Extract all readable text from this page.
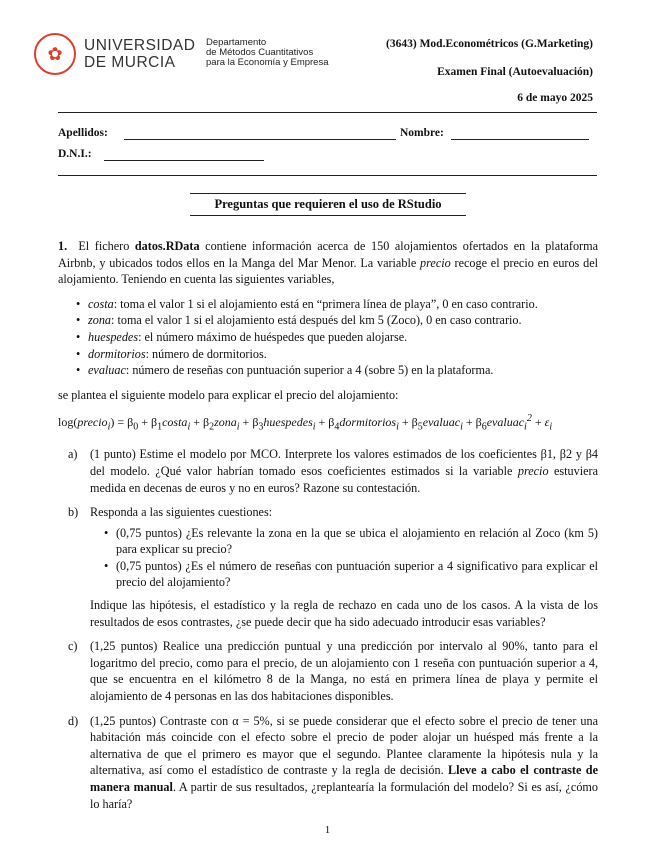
✿	UNIVERSIDAD
DE MURCIA
Departamento
de Métodos Cuantitativos
para la Economía y Empresa
(3643) Mod.Econométricos (G.Marketing)
Examen Final (Autoevaluación)
6 de mayo 2025
Apellidos:	Nombre:
D.N.I.:
Preguntas que requieren el uso de RStudio

1. El fichero datos.RData contiene información acerca de 150 alojamientos ofertados en la plataforma Airbnb, y ubicados todos ellos en la Manga del Mar Menor. La variable precio recoge el precio en euros del alojamiento. Teniendo en cuenta las siguientes variables,

• costa: toma el valor 1 si el alojamiento está en “primera línea de playa”, 0 en caso contrario.
• zona: toma el valor 1 si el alojamiento está después del km 5 (Zoco), 0 en caso contrario.
• huespedes: el número máximo de huéspedes que pueden alojarse.
• dormitorios: número de dormitorios.
• evaluac: número de reseñas con puntuación superior a 4 (sobre 5) en la plataforma.

se plantea el siguiente modelo para explicar el precio del alojamiento:

log(precio$_i$) = $\beta_0$ + $\beta_1costa_i$ + $\beta_2zona_i$ + $\beta_3huespedes_i$ + $\beta_4dormitorios_i$ + $\beta_5evaluac_i$ + $\beta_6evaluac_i^2 + \varepsilon_i$
a) (1 punto) Estime el modelo por MCO. Interprete los valores estimados de los coeficientes β1, β2 y β4 del modelo. ¿Qué valor habrían tomado esos coeficientes estimados si la variable precio estuviera medida en decenas de euros y no en euros? Razone su contestación.
b) Responda a las siguientes cuestiones:
• (0,75 puntos) ¿Es relevante la zona en la que se ubica el alojamiento en relación al Zoco (km 5) para explicar su precio?
• (0,75 puntos) ¿Es el número de reseñas con puntuación superior a 4 significativo para explicar el precio del alojamiento?
Indique las hipótesis, el estadístico y la regla de rechazo en cada uno de los casos. A la vista de los resultados de esos contrastes, ¿se puede decir que ha sido adecuado introducir esas variables?
c) (1,25 puntos) Realice una predicción puntual y una predicción por intervalo al 90%, tanto para el logaritmo del precio, como para el precio, de un alojamiento con 1 reseña con puntuación superior a 4, que se encuentra en el kilómetro 8 de la Manga, no está en primera línea de playa y permite el alojamiento de 4 personas en las dos habitaciones disponibles.
d) (1,25 puntos) Contraste con α = 5%, si se puede considerar que el efecto sobre el precio de tener una habitación más coincide con el efecto sobre el precio de poder alojar un huésped más frente a la alternativa de que el primero es mayor que el segundo. Plantee claramente la hipótesis nula y la alternativa, así como el estadístico de contraste y la regla de decisión. Lleve a cabo el contraste de manera manual. A partir de sus resultados, ¿replantearía la formulación del modelo? Si es así, ¿cómo lo haría?
1
